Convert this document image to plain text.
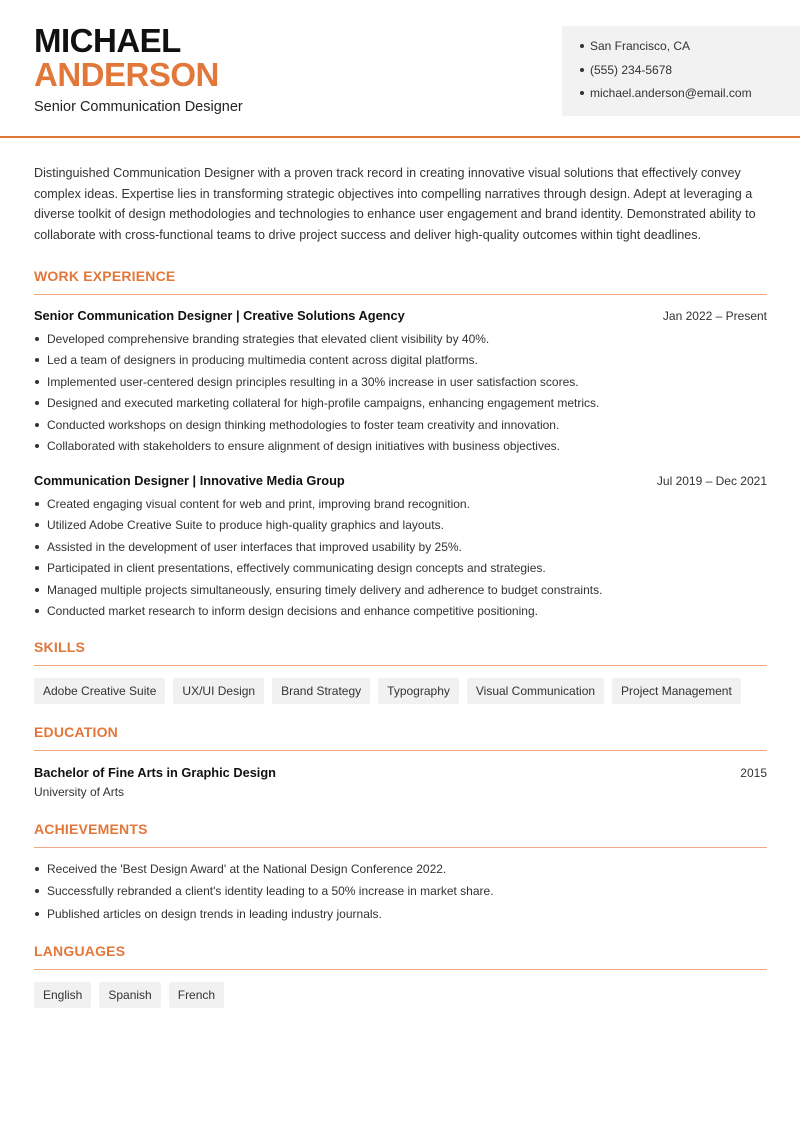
MICHAEL
ANDERSON
Senior Communication Designer
San Francisco, CA
(555) 234-5678
michael.anderson@email.com

Distinguished Communication Designer with a proven track record in creating innovative visual solutions that effectively convey complex ideas. Expertise lies in transforming strategic objectives into compelling narratives through design. Adept at leveraging a diverse toolkit of design methodologies and technologies to enhance user engagement and brand identity. Demonstrated ability to collaborate with cross-functional teams to drive project success and deliver high-quality outcomes within tight deadlines.

WORK EXPERIENCE
Senior Communication Designer | Creative Solutions Agency	Jan 2022 – Present
Developed comprehensive branding strategies that elevated client visibility by 40%.
Led a team of designers in producing multimedia content across digital platforms.
Implemented user-centered design principles resulting in a 30% increase in user satisfaction scores.
Designed and executed marketing collateral for high-profile campaigns, enhancing engagement metrics.
Conducted workshops on design thinking methodologies to foster team creativity and innovation.
Collaborated with stakeholders to ensure alignment of design initiatives with business objectives.
Communication Designer | Innovative Media Group	Jul 2019 – Dec 2021
Created engaging visual content for web and print, improving brand recognition.
Utilized Adobe Creative Suite to produce high-quality graphics and layouts.
Assisted in the development of user interfaces that improved usability by 25%.
Participated in client presentations, effectively communicating design concepts and strategies.
Managed multiple projects simultaneously, ensuring timely delivery and adherence to budget constraints.
Conducted market research to inform design decisions and enhance competitive positioning.
SKILLS
Adobe Creative Suite	UX/UI Design	Brand Strategy	Typography	Visual Communication	Project Management
EDUCATION
Bachelor of Fine Arts in Graphic Design	2015
University of Arts
ACHIEVEMENTS
Received the 'Best Design Award' at the National Design Conference 2022.
Successfully rebranded a client's identity leading to a 50% increase in market share.
Published articles on design trends in leading industry journals.
LANGUAGES
English	Spanish	French
